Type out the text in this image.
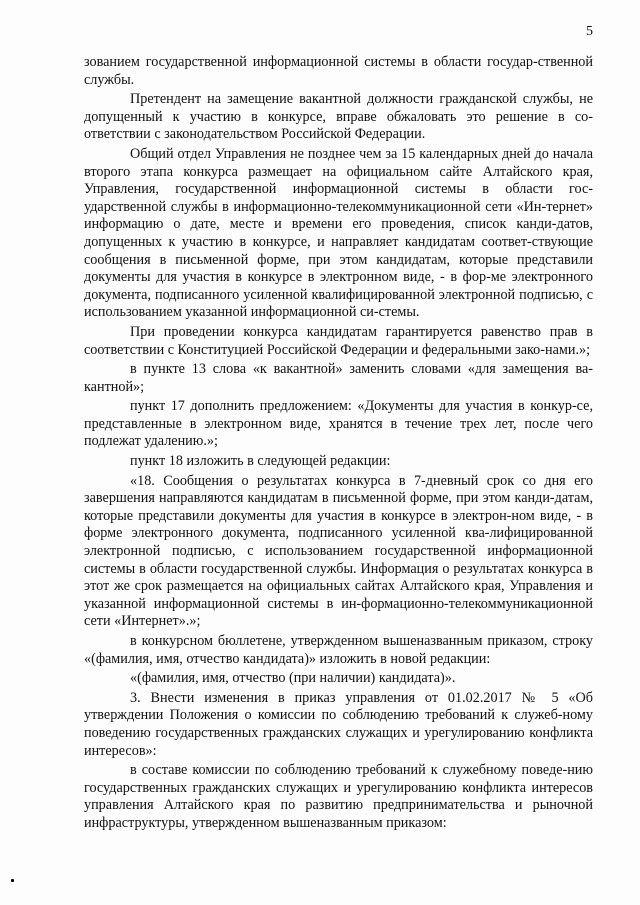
5

зованием государственной информационной системы в области государ-ственной службы.

Претендент на замещение вакантной должности гражданской службы, не допущенный к участию в конкурсе, вправе обжаловать это решение в со-ответствии с законодательством Российской Федерации.

Общий отдел Управления не позднее чем за 15 календарных дней до начала второго этапа конкурса размещает на официальном сайте Алтайского края, Управления, государственной информационной системы в области гос-ударственной службы в информационно-телекоммуникационной сети «Ин-тернет» информацию о дате, месте и времени его проведения, список канди-датов, допущенных к участию в конкурсе, и направляет кандидатам соответ-ствующие сообщения в письменной форме, при этом кандидатам, которые представили документы для участия в конкурсе в электронном виде, - в фор-ме электронного документа, подписанного усиленной квалифицированной электронной подписью, с использованием указанной информационной си-стемы.

При проведении конкурса кандидатам гарантируется равенство прав в соответствии с Конституцией Российской Федерации и федеральными зако-нами.»;

в пункте 13 слова «к вакантной» заменить словами «для замещения ва-кантной»;

пункт 17 дополнить предложением: «Документы для участия в конкур-се, представленные в электронном виде, хранятся в течение трех лет, после чего подлежат удалению.»;

пункт 18 изложить в следующей редакции:

«18. Сообщения о результатах конкурса в 7-дневный срок со дня его завершения направляются кандидатам в письменной форме, при этом канди-датам, которые представили документы для участия в конкурсе в электрон-ном виде, - в форме электронного документа, подписанного усиленной ква-лифицированной электронной подписью, с использованием государственной информационной системы в области государственной службы. Информация о результатах конкурса в этот же срок размещается на официальных сайтах Алтайского края, Управления и указанной информационной системы в ин-формационно-телекоммуникационной сети «Интернет».»;

в конкурсном бюллетене, утвержденном вышеназванным приказом, строку «(фамилия, имя, отчество кандидата)» изложить в новой редакции:

«(фамилия, имя, отчество (при наличии) кандидата)».

3. Внести изменения в приказ управления от 01.02.2017 № 5 «Об утверждении Положения о комиссии по соблюдению требований к служеб-ному поведению государственных гражданских служащих и урегулированию конфликта интересов»:

в составе комиссии по соблюдению требований к служебному поведе-нию государственных гражданских служащих и урегулированию конфликта интересов управления Алтайского края по развитию предпринимательства и рыночной инфраструктуры, утвержденном вышеназванным приказом:
